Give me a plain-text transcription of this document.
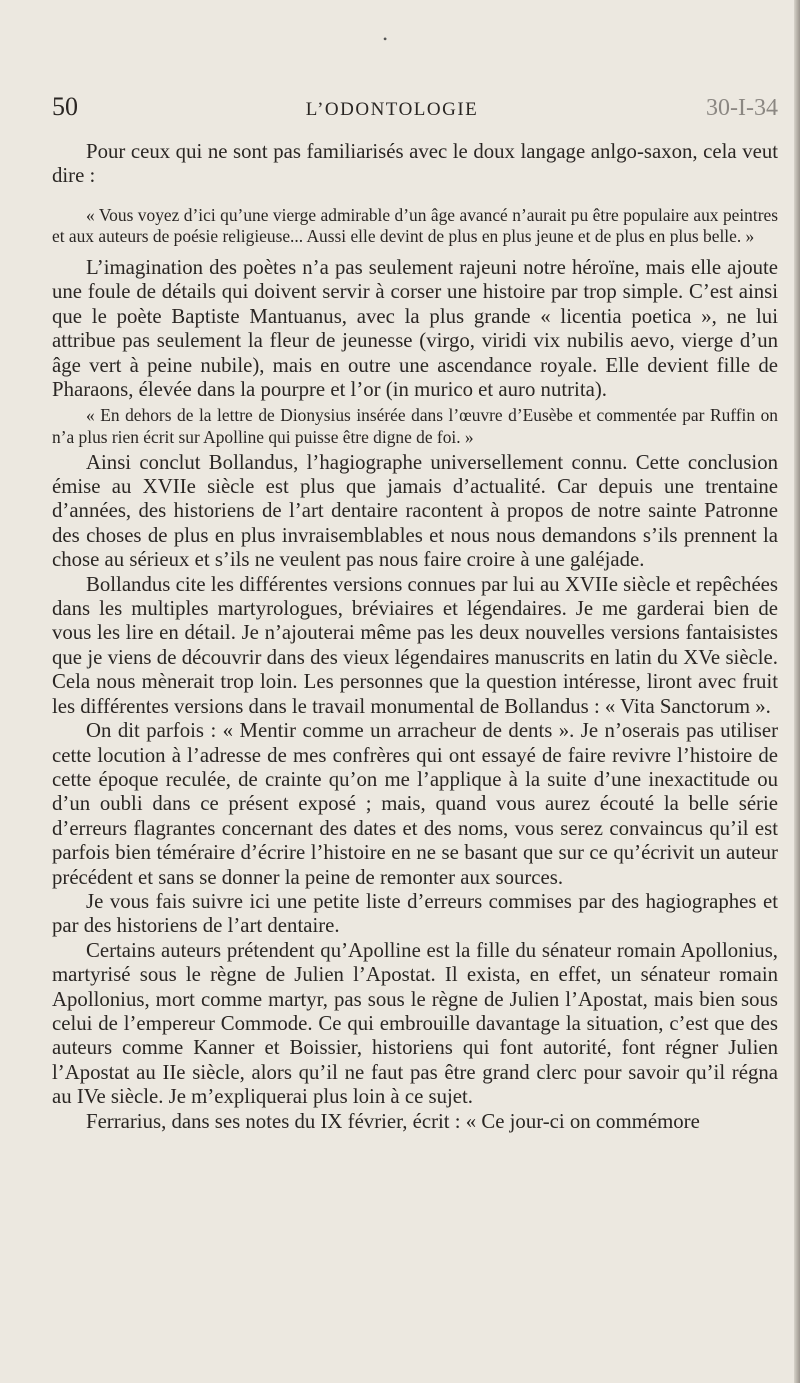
•
50	L’ODONTOLOGIE	30-I-34

Pour ceux qui ne sont pas familiarisés avec le doux langage anlgo-saxon, cela veut dire :

« Vous voyez d’ici qu’une vierge admirable d’un âge avancé n’aurait pu être populaire aux peintres et aux auteurs de poésie religieuse... Aussi elle devint de plus en plus jeune et de plus en plus belle. »

L’imagination des poètes n’a pas seulement rajeuni notre héroïne, mais elle ajoute une foule de détails qui doivent servir à corser une histoire par trop simple. C’est ainsi que le poète Baptiste Mantuanus, avec la plus grande « licentia poetica », ne lui attribue pas seulement la fleur de jeunesse (virgo, viridi vix nubilis aevo, vierge d’un âge vert à peine nubile), mais en outre une ascendance royale. Elle devient fille de Pharaons, élevée dans la pourpre et l’or (in murico et auro nutrita).

« En dehors de la lettre de Dionysius insérée dans l’œuvre d’Eusèbe et commentée par Ruffin on n’a plus rien écrit sur Apolline qui puisse être digne de foi. »

Ainsi conclut Bollandus, l’hagiographe universellement connu. Cette conclusion émise au XVIIe siècle est plus que jamais d’actualité. Car depuis une trentaine d’années, des historiens de l’art dentaire racontent à propos de notre sainte Patronne des choses de plus en plus invraisemblables et nous nous demandons s’ils prennent la chose au sérieux et s’ils ne veulent pas nous faire croire à une galéjade.

Bollandus cite les différentes versions connues par lui au XVIIe siècle et repêchées dans les multiples martyrologues, bréviaires et légendaires. Je me garderai bien de vous les lire en détail. Je n’ajouterai même pas les deux nouvelles versions fantaisistes que je viens de découvrir dans des vieux légendaires manuscrits en latin du XVe siècle. Cela nous mènerait trop loin. Les personnes que la question intéresse, liront avec fruit les différentes versions dans le travail monumental de Bollandus : « Vita Sanctorum ».

On dit parfois : « Mentir comme un arracheur de dents ». Je n’oserais pas utiliser cette locution à l’adresse de mes confrères qui ont essayé de faire revivre l’histoire de cette époque reculée, de crainte qu’on me l’applique à la suite d’une inexactitude ou d’un oubli dans ce présent exposé ; mais, quand vous aurez écouté la belle série d’erreurs flagrantes concernant des dates et des noms, vous serez convaincus qu’il est parfois bien téméraire d’écrire l’histoire en ne se basant que sur ce qu’écrivit un auteur précédent et sans se donner la peine de remonter aux sources.

Je vous fais suivre ici une petite liste d’erreurs commises par des hagiographes et par des historiens de l’art dentaire.

Certains auteurs prétendent qu’Apolline est la fille du sénateur romain Apollonius, martyrisé sous le règne de Julien l’Apostat. Il exista, en effet, un sénateur romain Apollonius, mort comme martyr, pas sous le règne de Julien l’Apostat, mais bien sous celui de l’empereur Commode. Ce qui embrouille davantage la situation, c’est que des auteurs comme Kanner et Boissier, historiens qui font autorité, font régner Julien l’Apostat au IIe siècle, alors qu’il ne faut pas être grand clerc pour savoir qu’il régna au IVe siècle. Je m’expliquerai plus loin à ce sujet.

Ferrarius, dans ses notes du IX février, écrit : « Ce jour-ci on commémore
